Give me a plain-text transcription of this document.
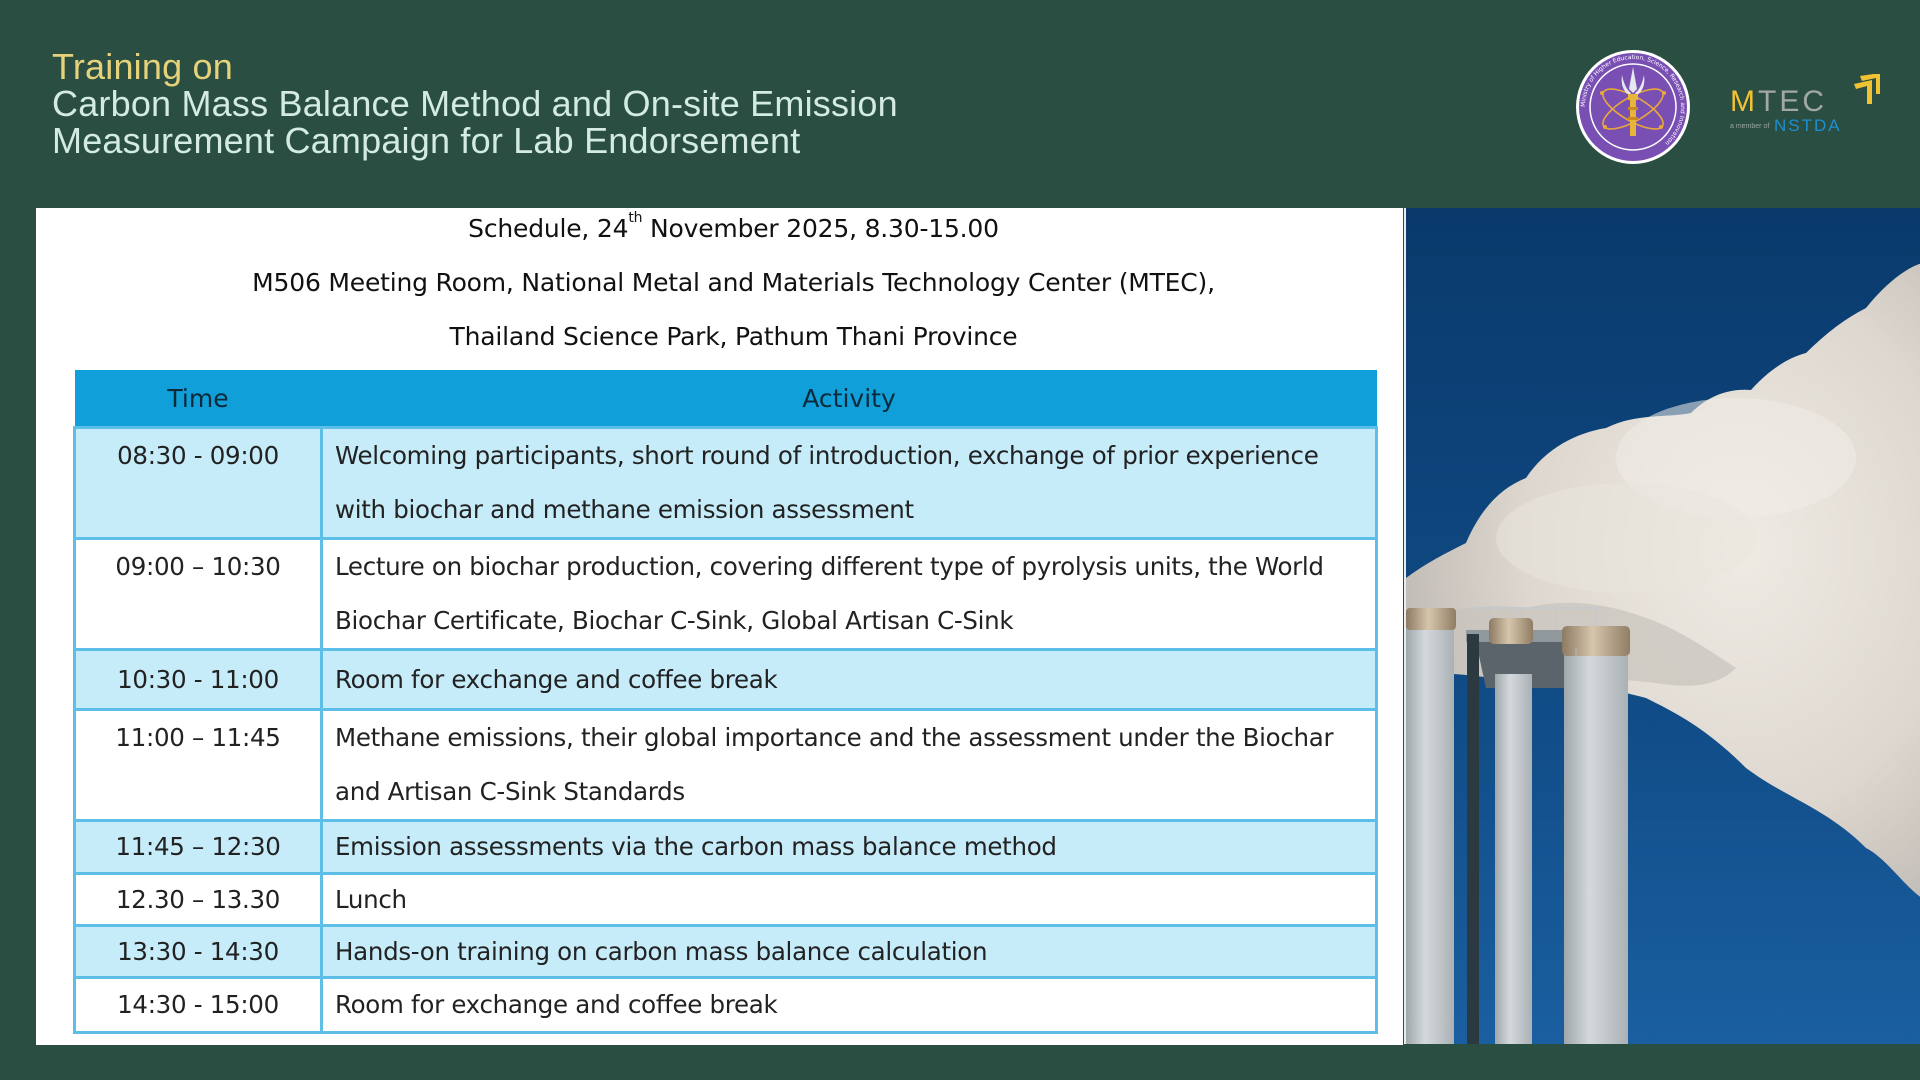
Training on
Carbon Mass Balance Method and On-site Emission
Measurement Campaign for Lab Endorsement
Ministry of Higher Education, Science, Research and Innovation
MTEC
a member of NSTDA
Schedule, 24th November 2025, 8.30-15.00
M506 Meeting Room, National Metal and Materials Technology Center (MTEC),
Thailand Science Park, Pathum Thani Province
Time	Activity
08:30 - 09:00	Welcoming participants, short round of introduction, exchange of prior experience
with biochar and methane emission assessment

09:00 – 10:30	Lecture on biochar production, covering different type of pyrolysis units, the World
Biochar Certificate, Biochar C-Sink, Global Artisan C-Sink

10:30 - 11:00	Room for exchange and coffee break

11:00 – 11:45	Methane emissions, their global importance and the assessment under the Biochar
and Artisan C-Sink Standards

11:45 – 12:30	Emission assessments via the carbon mass balance method

12.30 – 13.30	Lunch

13:30 - 14:30	Hands-on training on carbon mass balance calculation

14:30 - 15:00	Room for exchange and coffee break
